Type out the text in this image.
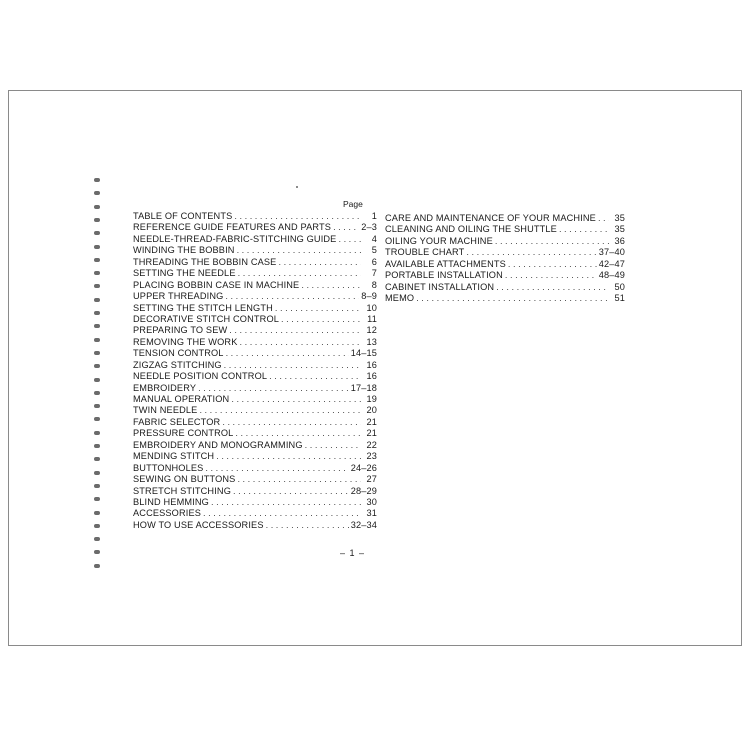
Page
TABLE OF CONTENTS . . .	1
REFERENCE GUIDE FEATURES AND PARTS . . .	2–3
NEEDLE-THREAD-FABRIC-STITCHING GUIDE . . .	4
WINDING THE BOBBIN . . .	5
THREADING THE BOBBIN CASE . . .	6
SETTING THE NEEDLE . . .	7
PLACING BOBBIN CASE IN MACHINE . . .	8
UPPER THREADING . . .	8–9
SETTING THE STITCH LENGTH . . .	10
DECORATIVE STITCH CONTROL . . .	11
PREPARING TO SEW . . .	12
REMOVING THE WORK . . .	13
TENSION CONTROL . . .	14–15
ZIGZAG STITCHING . . .	16
NEEDLE POSITION CONTROL . . .	16
EMBROIDERY . . .	17–18
MANUAL OPERATION . . .	19
TWIN NEEDLE . . .	20
FABRIC SELECTOR . . .	21
PRESSURE CONTROL . . .	21
EMBROIDERY AND MONOGRAMMING . . .	22
MENDING STITCH . . .	23
BUTTONHOLES . . .	24–26
SEWING ON BUTTONS . . .	27
STRETCH STITCHING . . .	28–29
BLIND HEMMING . . .	30
ACCESSORIES . . .	31
HOW TO USE ACCESSORIES . . .	32–34
CARE AND MAINTENANCE OF YOUR MACHINE . . .	35
CLEANING AND OILING THE SHUTTLE . . .	35
OILING YOUR MACHINE . . .	36
TROUBLE CHART . . .	37–40
AVAILABLE ATTACHMENTS . . .	42–47
PORTABLE INSTALLATION . . .	48–49
CABINET INSTALLATION . . .	50
MEMO . . .	51
– 1 –
